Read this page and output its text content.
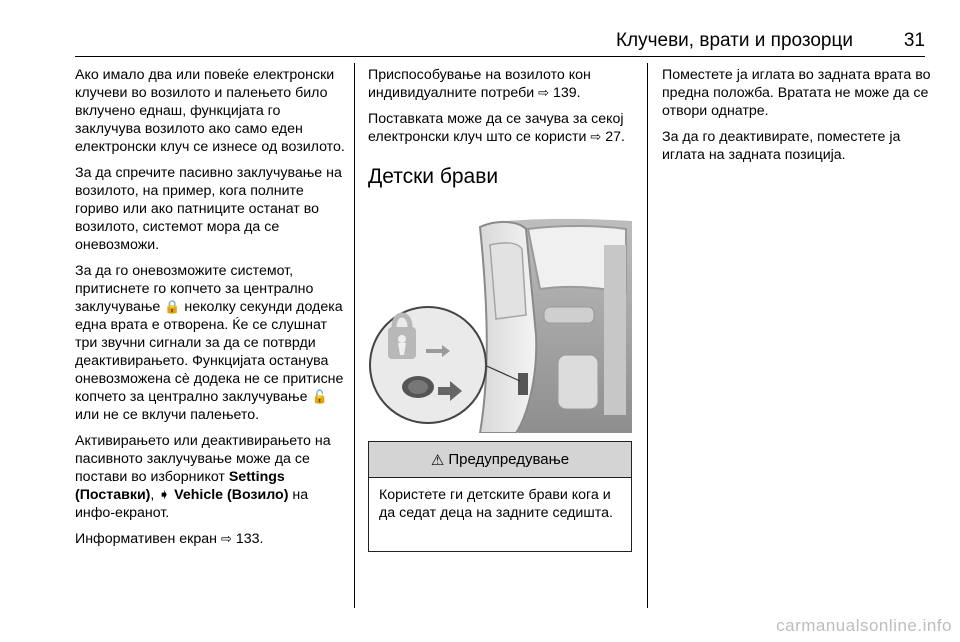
Клучеви, врати и прозорци	31

Ако имало два или повеќе електронски клучеви во возилото и палењето било вклучено еднаш, функцијата го заклучува возилото ако само еден електронски клуч се изнесе од возилото.

За да спречите пасивно заклучување на возилото, на пример, кога полните гориво или ако патниците останат во возилото, системот мора да се оневозможи.

За да го оневозможите системот, притиснете го копчето за централно заклучување 🔒 неколку секунди додека една врата е отворена. Ќе се слушнат три звучни сигнали за да се потврди деактивирањето. Функцијата останува оневозможена сè додека не се притисне копчето за централно заклучување 🔓 или не се вклучи палењето.

Активирањето или деактивирањето на пасивното заклучување може да се постави во изборникот Settings (Поставки), ➧ Vehicle (Возило) на инфо-екранот.

Информативен екран ⇨ 133.

Приспособување на возилото кон индивидуалните потреби ⇨ 139.

Поставката може да се зачува за секој електронски клуч што се користи ⇨ 27.

Детски брави
⚠ Предупредување
Користете ги детските брави кога и да седат деца на задните седишта.

Поместете ја иглата во задната врата во предна положба. Вратата не може да се отвори однатре.

За да го деактивирате, поместете ја иглата на задната позиција.

carmanualsonline.info
